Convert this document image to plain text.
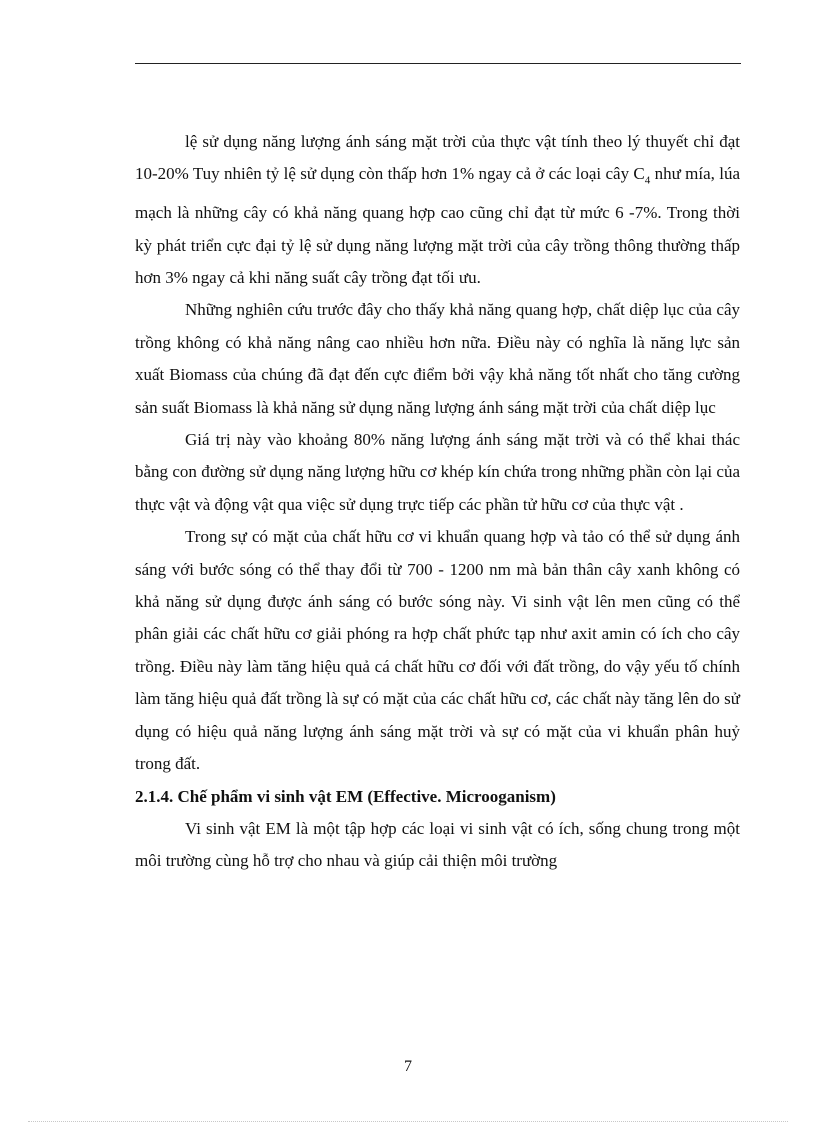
lệ sử dụng năng lượng ánh sáng mặt trời của thực vật tính theo lý thuyết chỉ đạt 10-20% Tuy nhiên tỷ lệ sử dụng còn thấp hơn 1% ngay cả ở các loại cây $C_4$ như mía, lúa mạch là những cây có khả năng quang hợp cao cũng chỉ đạt từ mức 6 -7%. Trong thời kỳ phát triển cực đại tỷ lệ sử dụng năng lượng mặt trời của cây trồng thông thường thấp hơn 3% ngay cả khi năng suất cây trồng đạt tối ưu.

Những nghiên cứu trước đây cho thấy khả năng quang hợp, chất diệp lục của cây trồng không có khả năng nâng cao nhiều hơn nữa. Điều này có nghĩa là năng lực sản xuất Biomass của chúng đã đạt đến cực điểm bởi vậy khả năng tốt nhất cho tăng cường sản suất Biomass là khả năng sử dụng năng lượng ánh sáng mặt trời của chất diệp lục

Giá trị này vào khoảng 80% năng lượng ánh sáng mặt trời và có thể khai thác bằng con đường sử dụng năng lượng hữu cơ khép kín chứa trong những phần còn lại của thực vật và động vật qua việc sử dụng trực tiếp các phần tử hữu cơ của thực vật .

Trong sự có mặt của chất hữu cơ vi khuẩn quang hợp và tảo có thể sử dụng ánh sáng với bước sóng có thể thay đổi từ 700 - 1200 nm mà bản thân cây xanh không có khả năng sử dụng được ánh sáng có bước sóng này. Vi sinh vật lên men cũng có thể phân giải các chất hữu cơ giải phóng ra hợp chất phức tạp như axit amin có ích cho cây trồng. Điều này làm tăng hiệu quả cá chất hữu cơ đối với đất trồng, do vậy yếu tố chính làm tăng hiệu quả đất trồng là sự có mặt của các chất hữu cơ, các chất này tăng lên do sử dụng có hiệu quả năng lượng ánh sáng mặt trời và sự có mặt của vi khuẩn phân huỷ trong đất.

2.1.4. Chế phẩm vi sinh vật EM (Effective. Microoganism)

Vi sinh vật EM là một tập hợp các loại vi sinh vật có ích, sống chung trong một môi trường cùng hỗ trợ cho nhau và giúp cải thiện môi trường

7
